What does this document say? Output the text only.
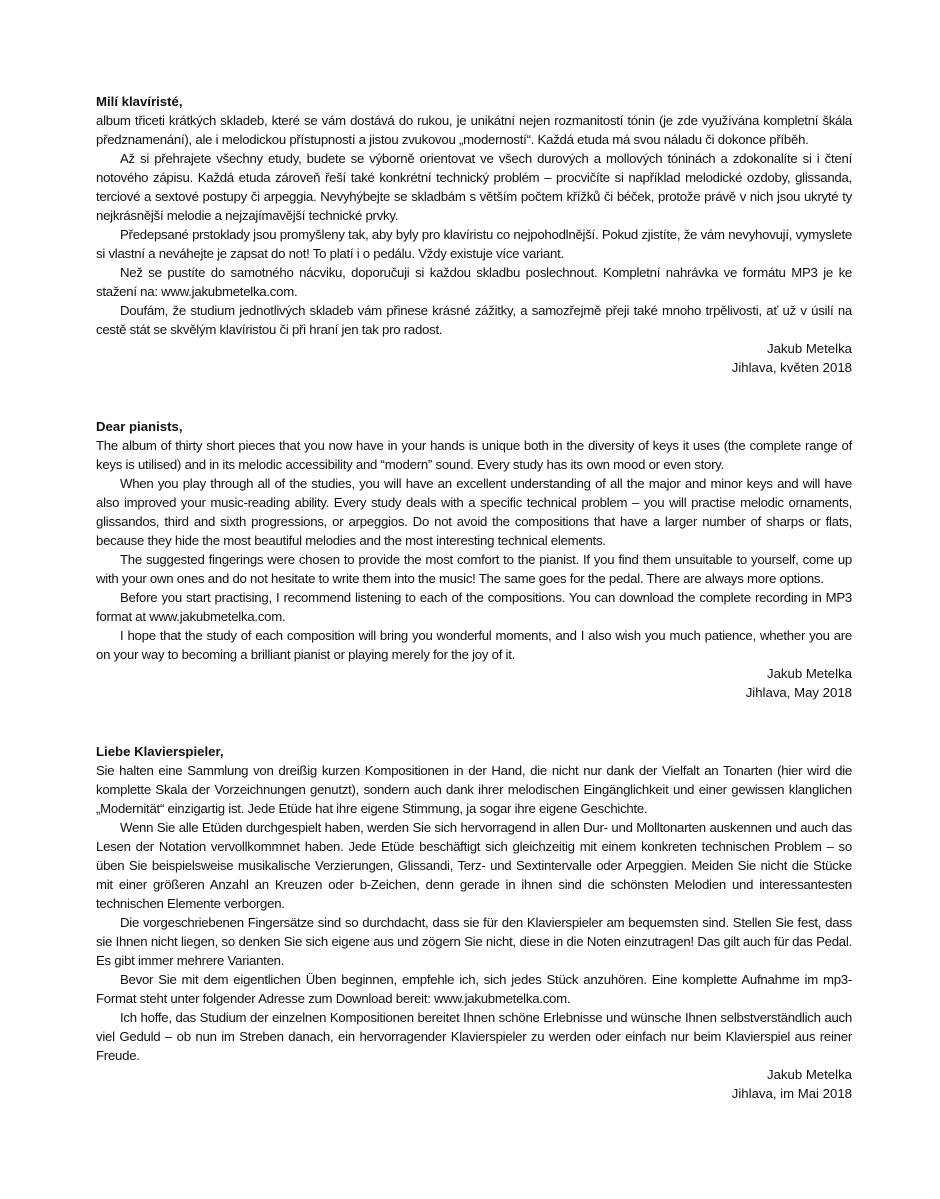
Milí klavíristé,

album třiceti krátkých skladeb, které se vám dostává do rukou, je unikátní nejen rozmanitostí tónin (je zde využívána kompletní škála předznamenání), ale i melodickou přístupností a jistou zvukovou „moderností“. Každá etuda má svou náladu či dokonce příběh.

Až si přehrajete všechny etudy, budete se výborně orientovat ve všech durových a mollových tóninách a zdokonalíte si i čtení notového zápisu. Každá etuda zároveň řeší také konkrétní technický problém – procvičíte si například melodické ozdoby, glissanda, terciové a sextové postupy či arpeggia. Nevyhýbejte se skladbám s větším počtem křížků či béček, protože právě v nich jsou ukryté ty nejkrásnější melodie a nejzajímavější technické prvky.

Předepsané prstoklady jsou promyšleny tak, aby byly pro klavíristu co nejpohodlnější. Pokud zjistíte, že vám nevyhovují, vymyslete si vlastní a neváhejte je zapsat do not! To platí i o pedálu. Vždy existuje více variant.

Než se pustíte do samotného nácviku, doporučuji si každou skladbu poslechnout. Kompletní nahrávka ve formátu MP3 je ke stažení na: www.jakubmetelka.com.

Doufám, že studium jednotlivých skladeb vám přinese krásné zážitky, a samozřejmě přeji také mnoho trpělivosti, ať už v úsilí na cestě stát se skvělým klavíristou či při hraní jen tak pro radost.

Jakub Metelka
Jihlava, květen 2018

Dear pianists,

The album of thirty short pieces that you now have in your hands is unique both in the diversity of keys it uses (the complete range of keys is utilised) and in its melodic accessibility and “modern” sound. Every study has its own mood or even story.

When you play through all of the studies, you will have an excellent understanding of all the major and minor keys and will have also improved your music-reading ability. Every study deals with a specific technical problem – you will practise melodic ornaments, glissandos, third and sixth progressions, or arpeggios. Do not avoid the compositions that have a larger number of sharps or flats, because they hide the most beautiful melodies and the most interesting technical elements.

The suggested fingerings were chosen to provide the most comfort to the pianist. If you find them unsuitable to yourself, come up with your own ones and do not hesitate to write them into the music! The same goes for the pedal. There are always more options.

Before you start practising, I recommend listening to each of the compositions. You can download the complete recording in MP3 format at www.jakubmetelka.com.

I hope that the study of each composition will bring you wonderful moments, and I also wish you much patience, whether you are on your way to becoming a brilliant pianist or playing merely for the joy of it.

Jakub Metelka
Jihlava, May 2018

Liebe Klavierspieler,

Sie halten eine Sammlung von dreißig kurzen Kompositionen in der Hand, die nicht nur dank der Vielfalt an Tonarten (hier wird die komplette Skala der Vorzeichnungen genutzt), sondern auch dank ihrer melodischen Eingänglichkeit und einer gewissen klanglichen „Modernität“ einzigartig ist. Jede Etüde hat ihre eigene Stimmung, ja sogar ihre eigene Geschichte.

Wenn Sie alle Etüden durchgespielt haben, werden Sie sich hervorragend in allen Dur- und Molltonarten auskennen und auch das Lesen der Notation vervollkommnet haben. Jede Etüde beschäftigt sich gleichzeitig mit einem konkreten technischen Problem – so üben Sie beispielsweise musikalische Verzierungen, Glissandi, Terz- und Sextintervalle oder Arpeggien. Meiden Sie nicht die Stücke mit einer größeren Anzahl an Kreuzen oder b-Zeichen, denn gerade in ihnen sind die schönsten Melodien und interessantesten technischen Elemente verborgen.

Die vorgeschriebenen Fingersätze sind so durchdacht, dass sie für den Klavierspieler am bequemsten sind. Stellen Sie fest, dass sie Ihnen nicht liegen, so denken Sie sich eigene aus und zögern Sie nicht, diese in die Noten einzutragen! Das gilt auch für das Pedal. Es gibt immer mehrere Varianten.

Bevor Sie mit dem eigentlichen Üben beginnen, empfehle ich, sich jedes Stück anzuhören. Eine komplette Aufnahme im mp3-Format steht unter folgender Adresse zum Download bereit: www.jakubmetelka.com.

Ich hoffe, das Studium der einzelnen Kompositionen bereitet Ihnen schöne Erlebnisse und wünsche Ihnen selbstverständlich auch viel Geduld – ob nun im Streben danach, ein hervorragender Klavierspieler zu werden oder einfach nur beim Klavierspiel aus reiner Freude.

Jakub Metelka
Jihlava, im Mai 2018
